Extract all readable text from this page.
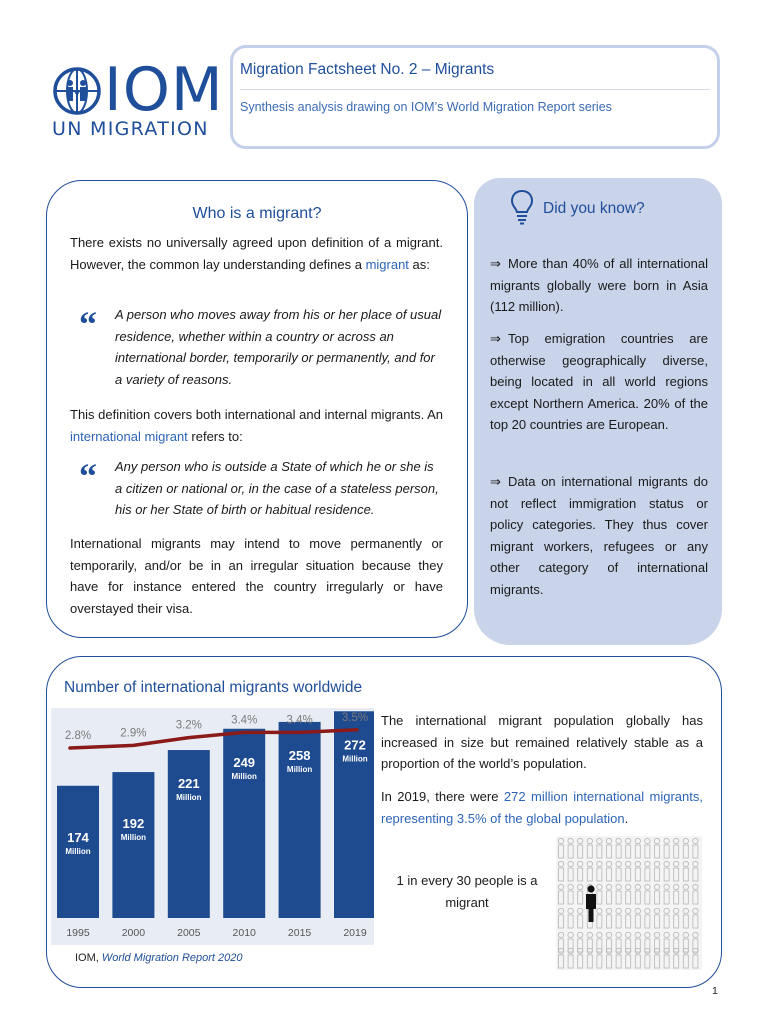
IOM
UN MIGRATION
Migration Factsheet No. 2 – Migrants
Synthesis analysis drawing on IOM’s World Migration Report series
Who is a migrant?
There exists no universally agreed upon definition of a migrant. However, the common lay understanding defines a migrant as:
“ A person who moves away from his or her place of usual residence, whether within a country or across an international border, temporarily or permanently, and for a variety of reasons.
This definition covers both international and internal migrants. An international migrant refers to:
“ Any person who is outside a State of which he or she is a citizen or national or, in the case of a stateless person, his or her State of birth or habitual residence.
International migrants may intend to move permanently or temporarily, and/or be in an irregular situation because they have for instance entered the country irregularly or have overstayed their visa.
Did you know?
⇒ More than 40% of all international migrants globally were born in Asia (112 million).
⇒ Top emigration countries are otherwise geographically diverse, being located in all world regions except Northern America. 20% of the top 20 countries are European.
⇒ Data on international migrants do not reflect immigration status or policy categories. They thus cover migrant workers, refugees or any other category of international migrants.
Number of international migrants worldwide
174
Million
1995
2.8%
192
Million
2000
2.9%
221
Million
2005
3.2%
249
Million
2010
3.4%
258
Million
2015
3.4%
272
Million
2019
3.5%
IOM, World Migration Report 2020
The international migrant population globally has increased in size but remained relatively stable as a proportion of the world’s population.
In 2019, there were 272 million international migrants, representing 3.5% of the global population.
1 in every 30 people is a migrant
1
